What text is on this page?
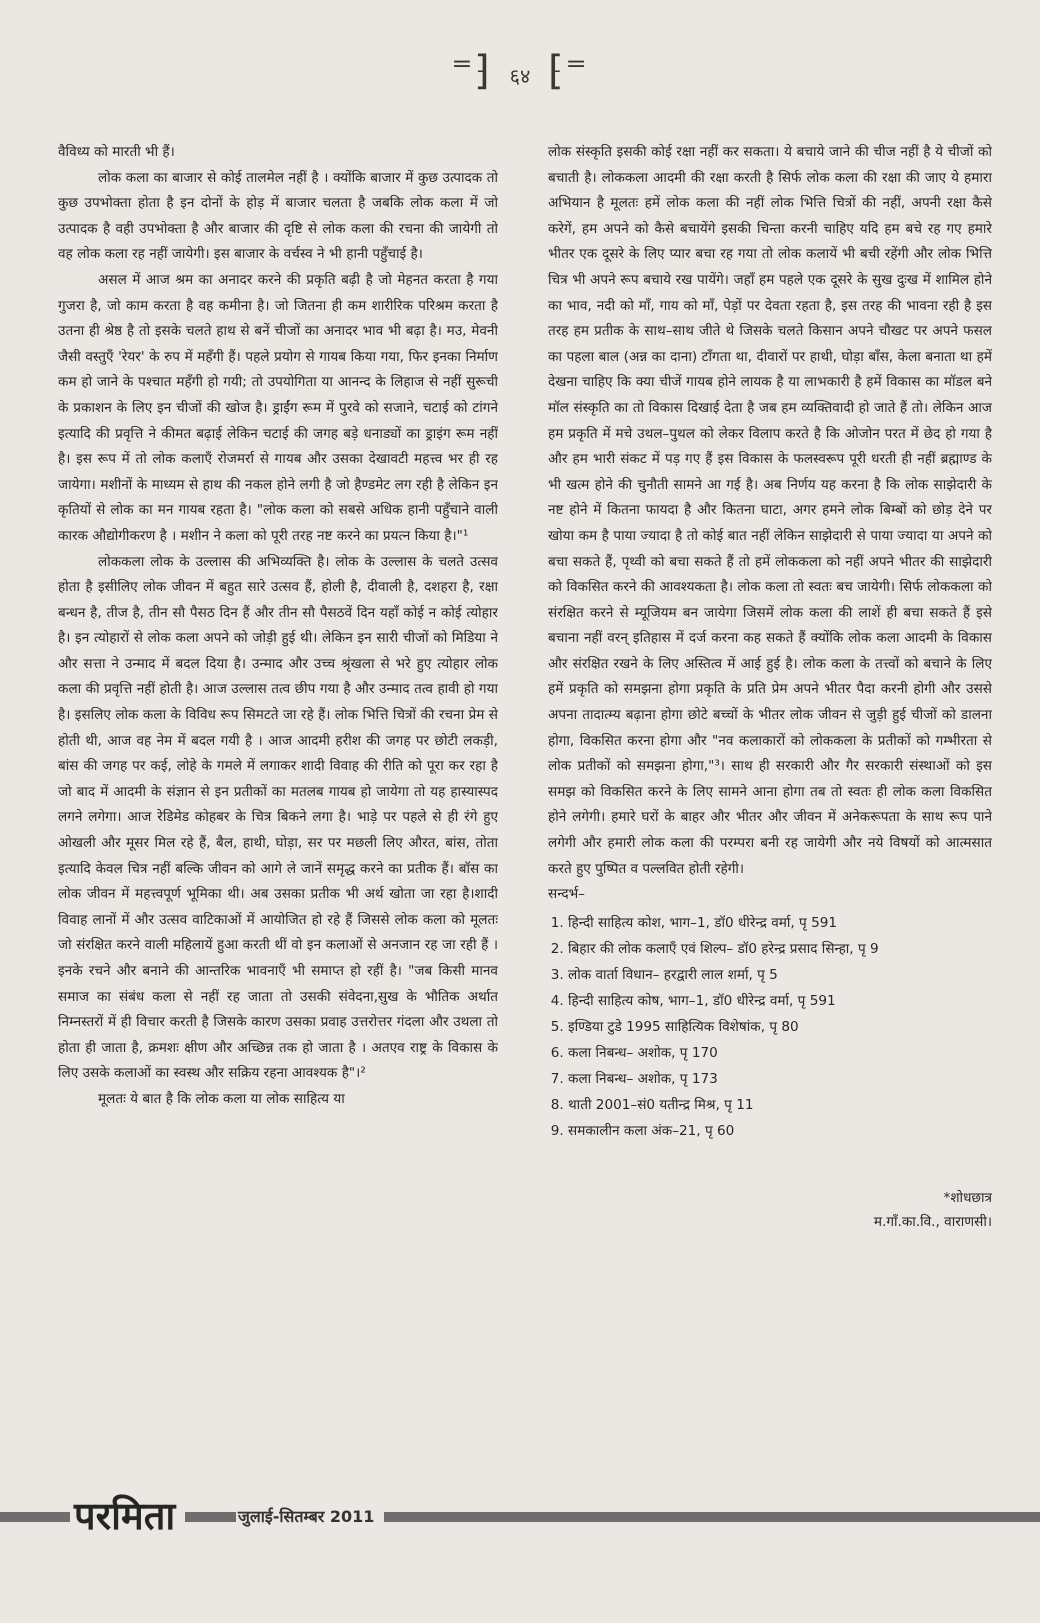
⁼⁆ ६४ ⁅⁼

वैविध्य को मारती भी हैं।

लोक कला का बाजार से कोई तालमेल नहीं है । क्योंकि बाजार में कुछ उत्पादक तो कुछ उपभोक्ता होता है इन दोनों के होड़ में बाजार चलता है जबकि लोक कला में जो उत्पादक है वही उपभोक्ता है और बाजार की दृष्टि से लोक कला की रचना की जायेगी तो वह लोक कला रह नहीं जायेगी। इस बाजार के वर्चस्व ने भी हानी पहुँचाई है।

असल में आज श्रम का अनादर करने की प्रकृति बढ़ी है जो मेहनत करता है गया गुजरा है, जो काम करता है वह कमीना है। जो जितना ही कम शारीरिक परिश्रम करता है उतना ही श्रेष्ठ है तो इसके चलते हाथ से बनें चीजों का अनादर भाव भी बढ़ा है। मउ, मेवनी जैसी वस्तुएँ 'रेयर' के रुप में महँगी हैं। पहले प्रयोग से गायब किया गया, फिर इनका निर्माण कम हो जाने के पश्चात महँगी हो गयी; तो उपयोगिता या आनन्द के लिहाज से नहीं सुरूची के प्रकाशन के लिए इन चीजों की खोज है। ड्राईंग रूम में पुरवे को सजाने, चटाई को टांगने इत्यादि की प्रवृत्ति ने कीमत बढ़ाई लेकिन चटाई की जगह बड़े धनाड्यों का ड्राइंग रूम नहीं है। इस रूप में तो लोक कलाएँ रोजमर्रा से गायब और उसका देखावटी महत्त्व भर ही रह जायेगा। मशीनों के माध्यम से हाथ की नकल होने लगी है जो हैण्डमेट लग रही है लेकिन इन कृतियों से लोक का मन गायब रहता है। "लोक कला को सबसे अधिक हानी पहुँचाने वाली कारक औद्योगीकरण है । मशीन ने कला को पूरी तरह नष्ट करने का प्रयत्न किया है।"¹

लोककला लोक के उल्लास की अभिव्यक्ति है। लोक के उल्लास के चलते उत्सव होता है इसीलिए लोक जीवन में बहुत सारे उत्सव हैं, होली है, दीवाली है, दशहरा है, रक्षा बन्धन है, तीज है, तीन सौ पैसठ दिन हैं और तीन सौ पैसठवें दिन यहाँ कोई न कोई त्योहार है। इन त्योहारों से लोक कला अपने को जोड़ी हुई थी। लेकिन इन सारी चीजों को मिडिया ने और सत्ता ने उन्माद में बदल दिया है। उन्माद और उच्च श्रृंखला से भरे हुए त्योहार लोक कला की प्रवृत्ति नहीं होती है। आज उल्लास तत्व छीप गया है और उन्माद तत्व हावी हो गया है। इसलिए लोक कला के विविध रूप सिमटते जा रहे हैं। लोक भित्ति चित्रों की रचना प्रेम से होती थी, आज वह नेम में बदल गयी है । आज आदमी हरीश की जगह पर छोटी लकड़ी, बांस की जगह पर कई, लोहे के गमले में लगाकर शादी विवाह की रीति को पूरा कर रहा है जो बाद में आदमी के संज्ञान से इन प्रतीकों का मतलब गायब हो जायेगा तो यह हास्यास्पद लगने लगेगा। आज रेडिमेड कोहबर के चित्र बिकने लगा है। भाड़े पर पहले से ही रंगे हुए ओखली और मूसर मिल रहे हैं, बैल, हाथी, घोड़ा, सर पर मछली लिए औरत, बांस, तोता इत्यादि केवल चित्र नहीं बल्कि जीवन को आगे ले जानें समृद्ध करने का प्रतीक हैं। बॉस का लोक जीवन में महत्त्वपूर्ण भूमिका थी। अब उसका प्रतीक भी अर्थ खोता जा रहा है।शादी विवाह लानों में और उत्सव वाटिकाओं में आयोजित हो रहे हैं जिससे लोक कला को मूलतः जो संरक्षित करने वाली महिलायें हुआ करती थीं वो इन कलाओं से अनजान रह जा रही हैं । इनके रचने और बनाने की आन्तरिक भावनाएँ भी समाप्त हो रहीं है। "जब किसी मानव समाज का संबंध कला से नहीं रह जाता तो उसकी संवेदना,सुख के भौतिक अर्थात निम्नस्तरों में ही विचार करती है जिसके कारण उसका प्रवाह उत्तरोत्तर गंदला और उथला तो होता ही जाता है, क्रमशः क्षीण और अच्छिन्न तक हो जाता है । अतएव राष्ट्र के विकास के लिए उसके कलाओं का स्वस्थ और सक्रिय रहना आवश्यक है"।²

मूलतः ये बात है कि लोक कला या लोक साहित्य या

लोक संस्कृति इसकी कोई रक्षा नहीं कर सकता। ये बचाये जाने की चीज नहीं है ये चीजों को बचाती है। लोककला आदमी की रक्षा करती है सिर्फ लोक कला की रक्षा की जाए ये हमारा अभियान है मूलतः हमें लोक कला की नहीं लोक भित्ति चित्रों की नहीं, अपनी रक्षा कैसे करेगें, हम अपने को कैसे बचायेंगे इसकी चिन्ता करनी चाहिए यदि हम बचे रह गए हमारे भीतर एक दूसरे के लिए प्यार बचा रह गया तो लोक कलायें भी बची रहेंगी और लोक भित्ति चित्र भी अपने रूप बचाये रख पायेंगे। जहाँ हम पहले एक दूसरे के सुख दुःख में शामिल होने का भाव, नदी को माँ, गाय को माँ, पेड़ों पर देवता रहता है, इस तरह की भावना रही है इस तरह हम प्रतीक के साथ–साथ जीते थे जिसके चलते किसान अपने चौखट पर अपने फसल का पहला बाल (अन्न का दाना) टाँगता था, दीवारों पर हाथी, घोड़ा बाँस, केला बनाता था हमें देखना चाहिए कि क्या चीजें गायब होने लायक है या लाभकारी है हमें विकास का मॉडल बने मॉल संस्कृति का तो विकास दिखाई देता है जब हम व्यक्तिवादी हो जाते हैं तो। लेकिन आज हम प्रकृति में मचे उथल–पुथल को लेकर विलाप करते है कि ओजोन परत में छेद हो गया है और हम भारी संकट में पड़ गए हैं इस विकास के फलस्वरूप पूरी धरती ही नहीं ब्रह्माण्ड के भी खत्म होने की चुनौती सामने आ गई है। अब निर्णय यह करना है कि लोक साझेदारी के नष्ट होने में कितना फायदा है और कितना घाटा, अगर हमने लोक बिम्बों को छोड़ देने पर खोया कम है पाया ज्यादा है तो कोई बात नहीं लेकिन साझेदारी से पाया ज्यादा या अपने को बचा सकते हैं, पृथ्वी को बचा सकते हैं तो हमें लोककला को नहीं अपने भीतर की साझेदारी को विकसित करने की आवश्यकता है। लोक कला तो स्वतः बच जायेगी। सिर्फ लोककला को संरक्षित करने से म्यूजियम बन जायेगा जिसमें लोक कला की लाशें ही बचा सकते हैं इसे बचाना नहीं वरन् इतिहास में दर्ज करना कह सकते हैं क्योंकि लोक कला आदमी के विकास और संरक्षित रखने के लिए अस्तित्व में आई हुई है। लोक कला के तत्त्वों को बचाने के लिए हमें प्रकृति को समझना होगा प्रकृति के प्रति प्रेम अपने भीतर पैदा करनी होगी और उससे अपना तादात्म्य बढ़ाना होगा छोटे बच्चों के भीतर लोक जीवन से जुड़ी हुई चीजों को डालना होगा, विकसित करना होगा और "नव कलाकारों को लोककला के प्रतीकों को गम्भीरता से लोक प्रतीकों को समझना होगा,"³। साथ ही सरकारी और गैर सरकारी संस्थाओं को इस समझ को विकसित करने के लिए सामने आना होगा तब तो स्वतः ही लोक कला विकसित होने लगेगी। हमारे घरों के बाहर और भीतर और जीवन में अनेकरूपता के साथ रूप पाने लगेगी और हमारी लोक कला की परम्परा बनी रह जायेगी और नये विषयों को आत्मसात करते हुए पुष्पित व पल्लवित होती रहेगी।

सन्दर्भ–

1. हिन्दी साहित्य कोश, भाग–1, डॉ0 धीरेन्द्र वर्मा, पृ 591
2. बिहार की लोक कलाएँ एवं शिल्प– डॉ0 हरेन्द्र प्रसाद सिन्हा, पृ 9
3. लोक वार्ता विधान– हरद्वारी लाल शर्मा, पृ 5
4. हिन्दी साहित्य कोष, भाग–1, डॉ0 धीरेन्द्र वर्मा, पृ 591
5. इण्डिया टुडे 1995 साहित्यिक विशेषांक, पृ 80
6. कला निबन्ध– अशोक, पृ 170
7. कला निबन्ध– अशोक, पृ 173
8. थाती 2001–सं0 यतीन्द्र मिश्र, पृ 11
9. समकालीन कला अंक–21, पृ 60
*शोधछात्र
म.गाँ.का.वि., वाराणसी।
परमिता	जुलाई-सितम्बर 2011
